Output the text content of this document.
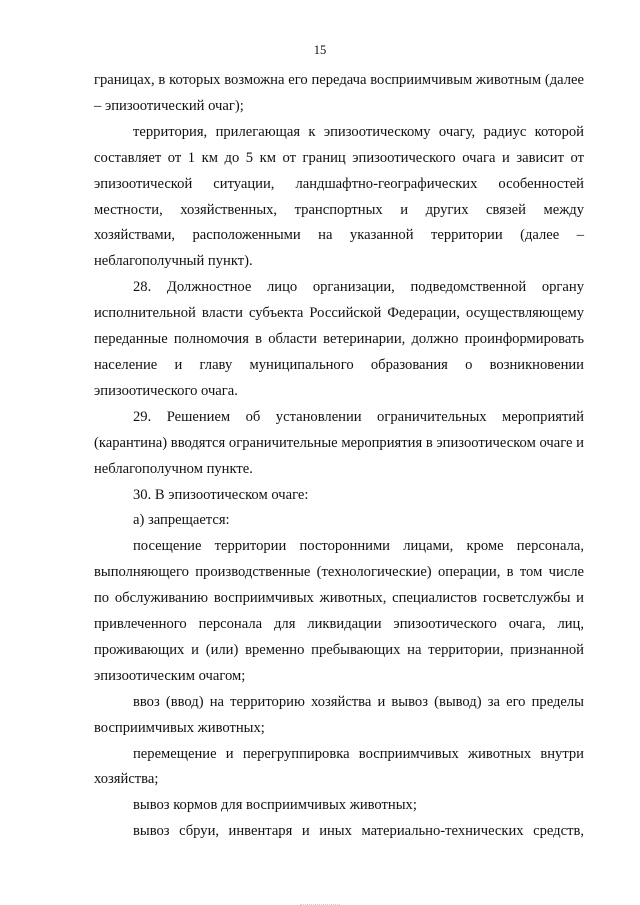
15

границах, в которых возможна его передача восприимчивым животным (далее – эпизоотический очаг);

территория, прилегающая к эпизоотическому очагу, радиус которой составляет от 1 км до 5 км от границ эпизоотического очага и зависит от эпизоотической ситуации, ландшафтно-географических особенностей местности, хозяйственных, транспортных и других связей между хозяйствами, расположенными на указанной территории (далее – неблагополучный пункт).

28. Должностное лицо организации, подведомственной органу исполнительной власти субъекта Российской Федерации, осуществляющему переданные полномочия в области ветеринарии, должно проинформировать население и главу муниципального образования о возникновении эпизоотического очага.

29. Решением об установлении ограничительных мероприятий (карантина) вводятся ограничительные мероприятия в эпизоотическом очаге и неблагополучном пункте.

30. В эпизоотическом очаге:

а) запрещается:

посещение территории посторонними лицами, кроме персонала, выполняющего производственные (технологические) операции, в том числе по обслуживанию восприимчивых животных, специалистов госветслужбы и привлеченного персонала для ликвидации эпизоотического очага, лиц, проживающих и (или) временно пребывающих на территории, признанной эпизоотическим очагом;

ввоз (ввод) на территорию хозяйства и вывоз (вывод) за его пределы восприимчивых животных;

перемещение и перегруппировка восприимчивых животных внутри хозяйства;

вывоз кормов для восприимчивых животных;

вывоз сбруи, инвентаря и иных материально-технических средств,
